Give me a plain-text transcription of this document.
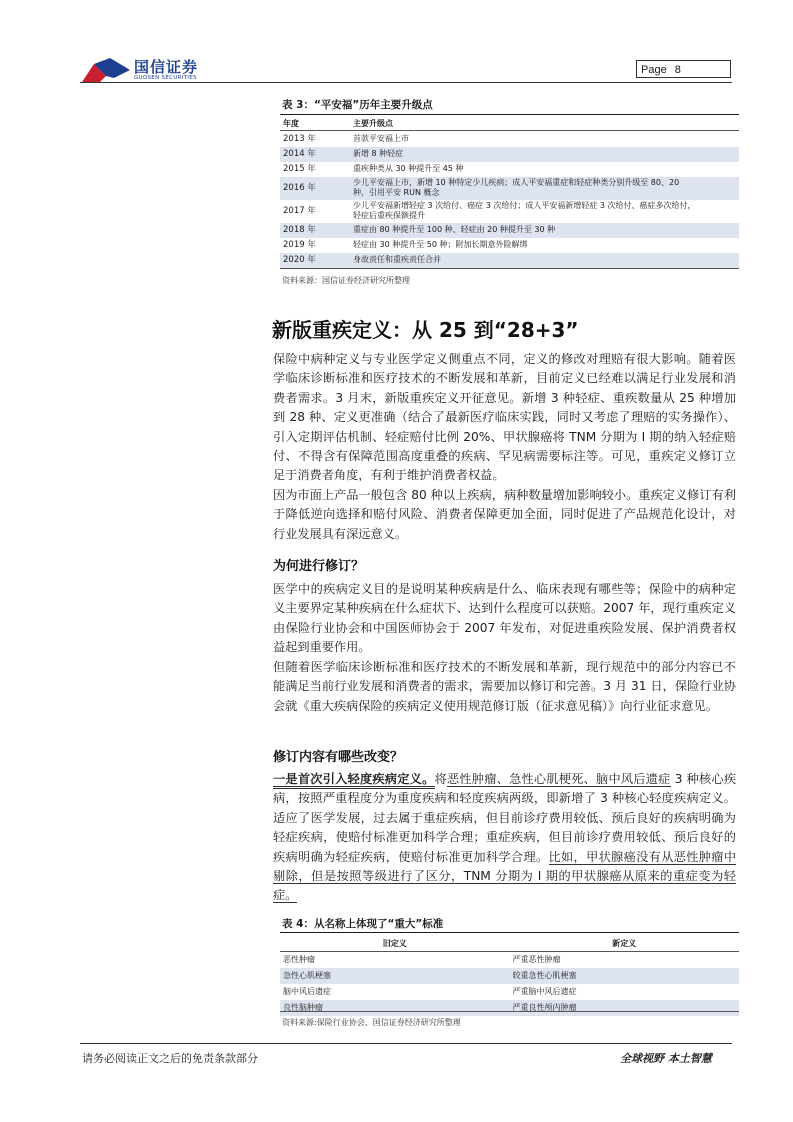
国信证券
GUOSEN SECURITIES
Page 8
表 3：“平安福”历年主要升级点
年度	主要升级点
2013 年	首款平安福上市
2014 年	新增 8 种轻症
2015 年	重疾种类从 30 种提升至 45 种
2016 年	少儿平安福上市，新增 10 种特定少儿疾病；成人平安福重症和轻症种类分别升级至 80、20
种，引用平安 RUN 概念
2017 年	少儿平安福新增轻症 3 次给付、癌症 3 次给付；成人平安福新增轻症 3 次给付、癌症多次给付，
轻症后重疾保额提升
2018 年	重症由 80 种提升至 100 种、轻症由 20 种提升至 30 种
2019 年	轻症由 30 种提升至 50 种；附加长期意外险解绑
2020 年	身故责任和重疾责任合并
资料来源：国信证券经济研究所整理
新版重疾定义：从 25 到“28+3”

保险中病种定义与专业医学定义侧重点不同，定义的修改对理赔有很大影响。随着医学临床诊断标准和医疗技术的不断发展和革新，目前定义已经难以满足行业发展和消费者需求。3 月末，新版重疾定义开征意见。新增 3 种轻症、重疾数量从 25 种增加到 28 种、定义更准确（结合了最新医疗临床实践，同时又考虑了理赔的实务操作）、引入定期评估机制、轻症赔付比例 20%、甲状腺癌将 TNM 分期为 I 期的纳入轻症赔付、不得含有保障范围高度重叠的疾病、罕见病需要标注等。可见，重疾定义修订立足于消费者角度，有利于维护消费者权益。

因为市面上产品一般包含 80 种以上疾病，病种数量增加影响较小。重疾定义修订有利于降低逆向选择和赔付风险、消费者保障更加全面，同时促进了产品规范化设计，对行业发展具有深远意义。

为何进行修订？

医学中的疾病定义目的是说明某种疾病是什么、临床表现有哪些等；保险中的病种定义主要界定某种疾病在什么症状下、达到什么程度可以获赔。2007 年，现行重疾定义由保险行业协会和中国医师协会于 2007 年发布，对促进重疾险发展、保护消费者权益起到重要作用。

但随着医学临床诊断标准和医疗技术的不断发展和革新，现行规范中的部分内容已不能满足当前行业发展和消费者的需求，需要加以修订和完善。3 月 31 日，保险行业协会就《重大疾病保险的疾病定义使用规范修订版（征求意见稿）》向行业征求意见。

修订内容有哪些改变？

一是首次引入轻度疾病定义。将恶性肿瘤、急性心肌梗死、脑中风后遗症 3 种核心疾病，按照严重程度分为重度疾病和轻度疾病两级，即新增了 3 种核心轻度疾病定义。适应了医学发展，过去属于重症疾病，但目前诊疗费用较低、预后良好的疾病明确为轻症疾病，使赔付标准更加科学合理；重症疾病，但目前诊疗费用较低、预后良好的疾病明确为轻症疾病，使赔付标准更加科学合理。比如，甲状腺癌没有从恶性肿瘤中剔除，但是按照等级进行了区分，TNM 分期为 I 期的甲状腺癌从原来的重症变为轻症。

表 4：从名称上体现了“重大”标准
旧定义	新定义
恶性肿瘤	严重恶性肿瘤
急性心肌梗塞	较重急性心肌梗塞
脑中风后遗症	严重脑中风后遗症
良性脑肿瘤	严重良性颅内肿瘤
资料来源:保险行业协会、国信证券经济研究所整理
请务必阅读正文之后的免责条款部分	全球视野 本土智慧
